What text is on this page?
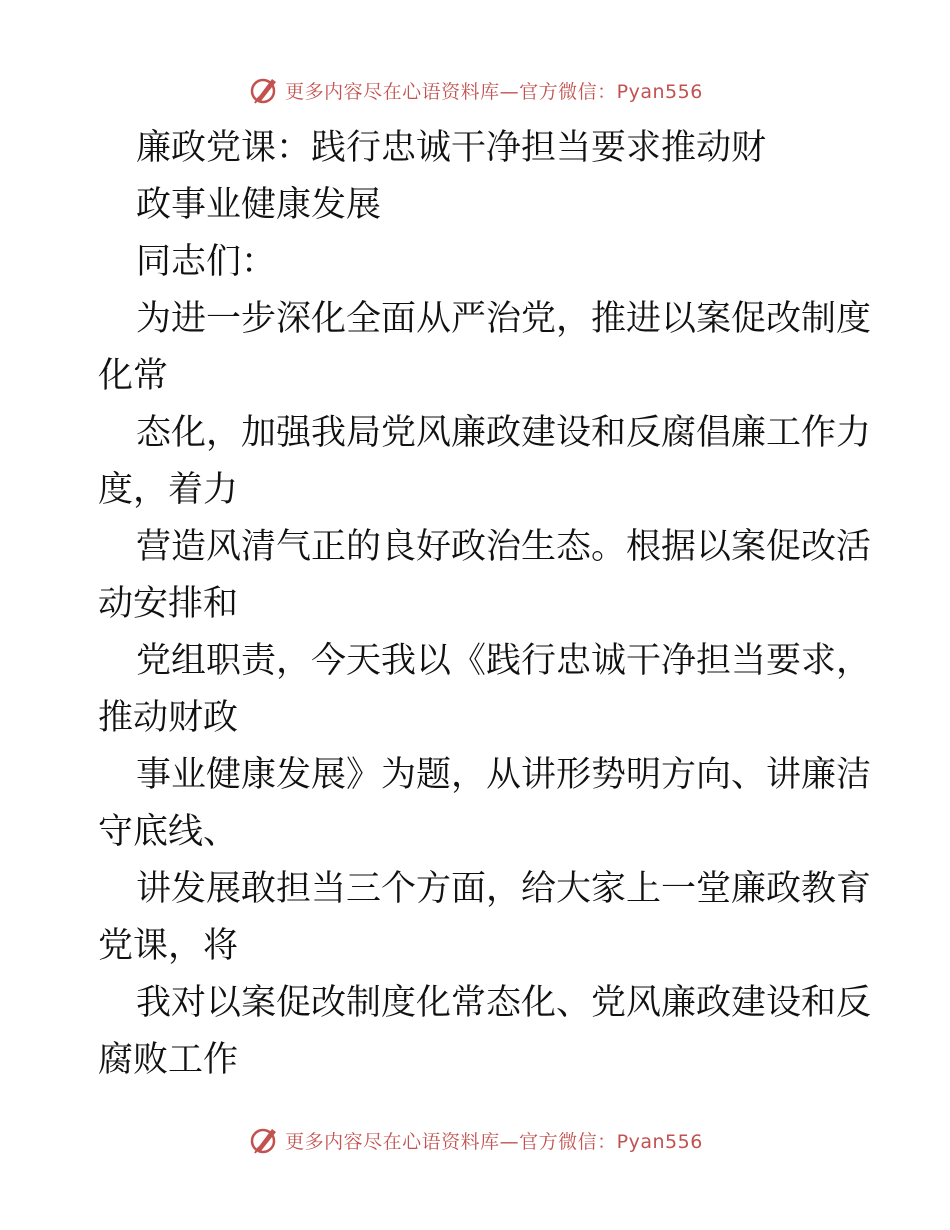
更多内容尽在心语资料库—官方微信：Pyan556
廉政党课：践行忠诚干净担当要求推动财
政事业健康发展
同志们：
为进一步深化全面从严治党，推进以案促改制度
化常
态化，加强我局党风廉政建设和反腐倡廉工作力
度，着力
营造风清气正的良好政治生态。根据以案促改活
动安排和
党组职责，今天我以《践行忠诚干净担当要求，
推动财政
事业健康发展》为题，从讲形势明方向、讲廉洁
守底线、
讲发展敢担当三个方面，给大家上一堂廉政教育
党课，将
我对以案促改制度化常态化、党风廉政建设和反
腐败工作
更多内容尽在心语资料库—官方微信：Pyan556
